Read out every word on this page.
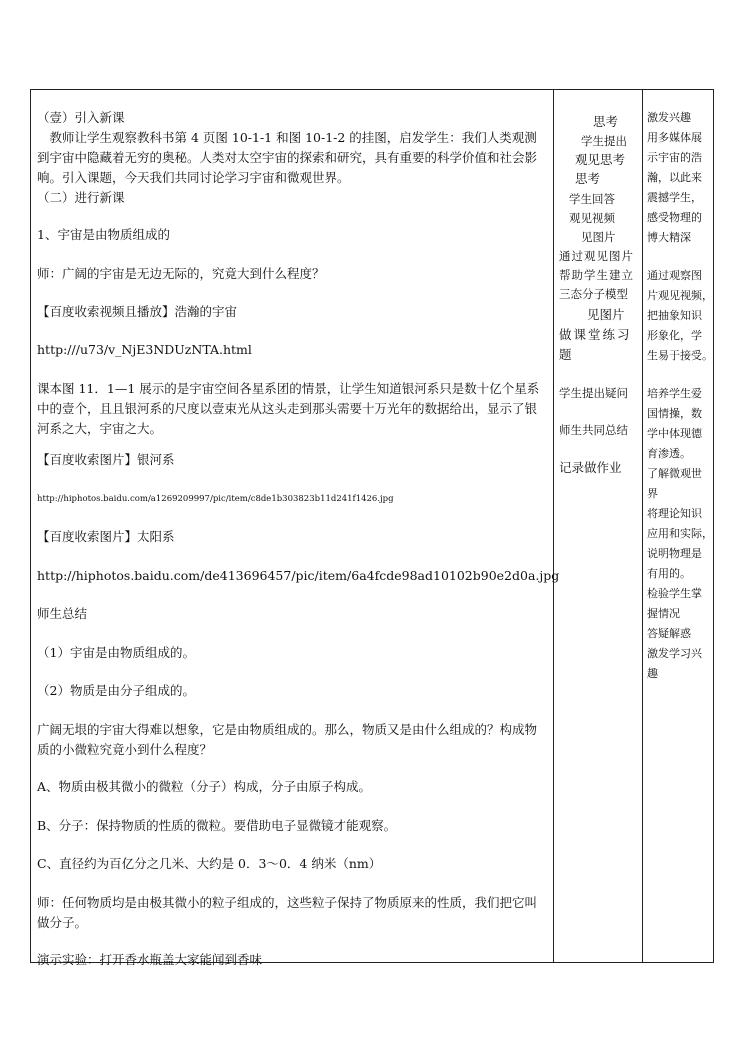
（壹）引入新课
教师让学生观察教科书第 4 页图 10-1-1 和图 10-1-2 的挂图，启发学生：我们人类观测到宇宙中隐藏着无穷的奥秘。人类对太空宇宙的探索和研究，具有重要的科学价值和社会影响。引入课题，今天我们共同讨论学习宇宙和微观世界。
（二）进行新课
1、宇宙是由物质组成的
师：广阔的宇宙是无边无际的，究竟大到什么程度？
【百度收索视频且播放】浩瀚的宇宙
http:///u73/v_NjE3NDUzNTA.html
课本图 11．1—1 展示的是宇宙空间各星系团的情景，让学生知道银河系只是数十亿个星系中的壹个，且且银河系的尺度以壹束光从这头走到那头需要十万光年的数据给出，显示了银河系之大，宇宙之大。
【百度收索图片】银河系
http://hiphotos.baidu.com/a1269209997/pic/item/c8de1b303823b11d241f1426.jpg
【百度收索图片】太阳系
http://hiphotos.baidu.com/de413696457/pic/item/6a4fcde98ad10102b90e2d0a.jpg
师生总结
（1）宇宙是由物质组成的。
（2）物质是由分子组成的。
广阔无垠的宇宙大得难以想象，它是由物质组成的。那么，物质又是由什么组成的？构成物质的小微粒究竟小到什么程度？
A、物质由极其微小的微粒（分子）构成，分子由原子构成。
B、分子：保持物质的性质的微粒。要借助电子显微镜才能观察。
C、直径约为百亿分之几米、大约是 0．3～0．4 纳米（nm）
师：任何物质均是由极其微小的粒子组成的，这些粒子保持了物质原来的性质，我们把它叫做分子。
演示实验：打开香水瓶盖大家能闻到香味
思考
学生提出
观见思考
思考
学生回答
观见视频
见图片
通过观见图片
帮助学生建立
三态分子模型
见图片
做课堂练习
题
学生提出疑问
师生共同总结
记录做作业
激发兴趣
用多媒体展
示宇宙的浩
瀚，以此来
震撼学生，
感受物理的
博大精深
通过观察图
片观见视频，
把抽象知识
形象化，学
生易于接受。
培养学生爱
国情操，数
学中体现德
育渗透。
了解微观世
界
将理论知识
应用和实际，
说明物理是
有用的。
检验学生掌
握情况
答疑解惑
激发学习兴
趣
